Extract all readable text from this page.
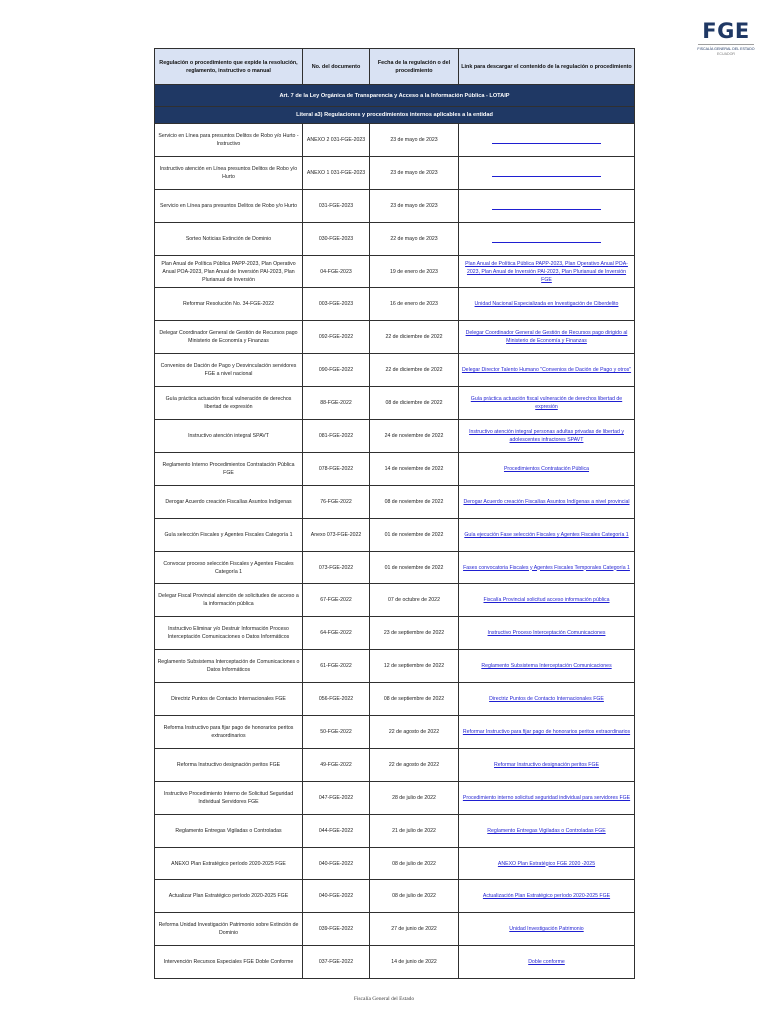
FGE
FISCALÍA GENERAL DEL ESTADO
ECUADOR
Art. 7 de la Ley Orgánica de Transparencia y Acceso a la Información Pública - LOTAIP			
Literal a3) Regulaciones y procedimientos internos aplicables a la entidad			
Regulación o procedimiento que expide la resolución, reglamento, instructivo o manual	No. del documento	Fecha de la regulación o del procedimiento	Link para descargar el contenido de la regulación o procedimiento
Servicio en Línea para presuntos Delitos de Robo y/o Hurto - Instructivo	ANEXO 2 031-FGE-2023	23 de mayo de 2023	

Instructivo atención en Línea presuntos Delitos de Robo y/o Hurto	ANEXO 1 031-FGE-2023	23 de mayo de 2023	

Servicio en Línea para presuntos Delitos de Robo y/o Hurto	031-FGE-2023	23 de mayo de 2023	

Sorteo Noticias Extinción de Dominio	030-FGE-2023	22 de mayo de 2023	

Plan Anual de Política Pública PAPP-2023, Plan Operativo Anual POA-2023, Plan Anual de Inversión PAI-2023, Plan Plurianual de Inversión	04-FGE-2023	19 de enero de 2023	Plan Anual de Política Pública PAPP-2023, Plan Operativo Anual POA-2023, Plan Anual de Inversión PAI-2023, Plan Plurianual de Inversión FGE
Reformar Resolución No. 34-FGE-2022	003-FGE-2023	16 de enero de 2023	Unidad Nacional Especializada en Investigación de Ciberdelito
Delegar Coordinador General de Gestión de Recursos pago Ministerio de Economía y Finanzas	092-FGE-2022	22 de diciembre de 2022	Delegar Coordinador General de Gestión de Recursos pago dirigido al Ministerio de Economía y Finanzas
Convenios de Dación de Pago y Desvinculación servidores FGE a nivel nacional	090-FGE-2022	22 de diciembre de 2022	Delegar Director Talento Humano "Convenios de Dación de Pago y otros"
Guía práctica actuación fiscal vulneración de derechos libertad de expresión	88-FGE-2022	08 de diciembre de 2022	Guía práctica actuación fiscal vulneración de derechos libertad de expresión
Instructivo atención integral SPAVT	081-FGE-2022	24 de noviembre de 2022	Instructivo atención integral personas adultas privadas de libertad y adolescentes infractores SPAVT
Reglamento Interno Procedimientos Contratación Pública FGE	078-FGE-2022	14 de noviembre de 2022	Procedimientos Contratación Pública
Derogar Acuerdo creación Fiscalías Asuntos Indígenas	76-FGE-2022	08 de noviembre de 2022	Derogar Acuerdo creación Fiscalías Asuntos Indígenas a nivel provincial
Guía selección Fiscales y Agentes Fiscales Categoría 1	Anexo 073-FGE-2022	01 de noviembre de 2022	Guía ejecución Fase selección Fiscales y Agentes Fiscales Categoría 1
Convocar proceso selección Fiscales y Agentes Fiscales Categoría 1	073-FGE-2022	01 de noviembre de 2022	Fases convocatoria Fiscales y Agentes Fiscales Temporales Categoría 1
Delegar Fiscal Provincial atención de solicitudes de acceso a la información pública	67-FGE-2022	07 de octubre de 2022	Fiscalía Provincial solicitud acceso información pública
Instructivo Eliminar y/o Destruir Información Proceso Interceptación Comunicaciones o Datos Informáticos	64-FGE-2022	23 de septiembre de 2022	Instructivo Proceso Interceptación Comunicaciones
Reglamento Subsistema Interceptación de Comunicaciones o Datos Informáticos	61-FGE-2022	12 de septiembre de 2022	Reglamento Subsistema Interceptación Comunicaciones
Directriz Puntos de Contacto Internacionales FGE	056-FGE-2022	08 de septiembre de 2022	Directriz Puntos de Contacto Internacionales FGE
Reforma Instructivo para fijar pago de honorarios peritos extraordinarios	50-FGE-2022	22 de agosto de 2022	Reformar Instructivo para fijar pago de honorarios peritos extraordinarios
Reforma Instructivo designación peritos FGE	49-FGE-2022	22 de agosto de 2022	Reformar Instructivo designación peritos FGE
Instructivo Procedimiento Interno de Solicitud Seguridad Individual Servidores FGE	047-FGE-2022	28 de julio de 2022	Procedimiento interno solicitud seguridad individual para servidores FGE
Reglamento Entregas Vigiladas o Controladas	044-FGE-2022	21 de julio de 2022	Reglamento Entregas Vigiladas o Controladas FGE
ANEXO Plan Estratégico período 2020-2025 FGE	040-FGE-2022	08 de julio de 2022	ANEXO Plan Estratégico FGE 2020 -2025
Actualizar Plan Estratégico período 2020-2025 FGE	040-FGE-2022	08 de julio de 2022	Actualización Plan Estratégico período 2020-2025 FGE
Reforma Unidad Investigación Patrimonio sobre Extinción de Dominio	039-FGE-2022	27 de junio de 2022	Unidad Investigación Patrimonio
Intervención Recursos Especiales FGE Doble Conforme	037-FGE-2022	14 de junio de 2022	Doble conforme
Fiscalía General del Estado
